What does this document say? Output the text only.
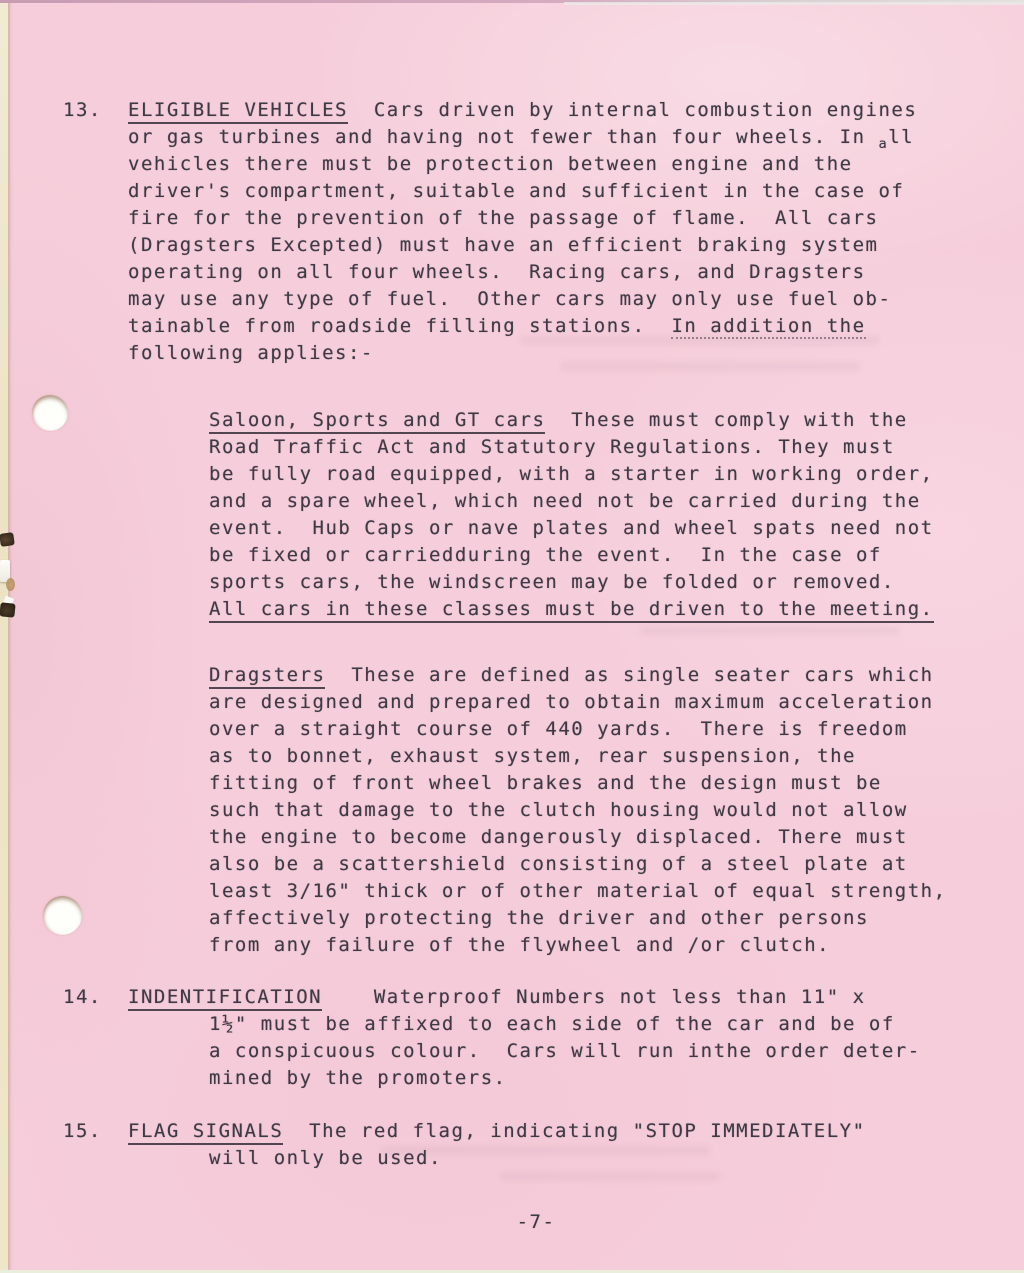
13. ELIGIBLE VEHICLES  Cars driven by internal combustion engines
or gas turbines and having not fewer than four wheels. In $_a$ll
vehicles there must be protection between engine and the
driver's compartment, suitable and sufficient in the case of
fire for the prevention of the passage of flame.  All cars
(Dragsters Excepted) must have an efficient braking system
operating on all four wheels.  Racing cars, and Dragsters
may use any type of fuel.  Other cars may only use fuel ob-
tainable from roadside filling stations.  In addition the
following applies:-
Saloon, Sports and GT cars  These must comply with the
Road Traffic Act and Statutory Regulations. They must
be fully road equipped, with a starter in working order,
and a spare wheel, which need not be carried during the
event.  Hub Caps or nave plates and wheel spats need not
be fixed or carriedduring the event.  In the case of
sports cars, the windscreen may be folded or removed.
All cars in these classes must be driven to the meeting.
Dragsters  These are defined as single seater cars which
are designed and prepared to obtain maximum acceleration
over a straight course of 440 yards.  There is freedom
as to bonnet, exhaust system, rear suspension, the
fitting of front wheel brakes and the design must be
such that damage to the clutch housing would not allow
the engine to become dangerously displaced. There must
also be a scattershield consisting of a steel plate at
least 3/16" thick or of other material of equal strength,
affectively protecting the driver and other persons
from any failure of the flywheel and /or clutch.
14. INDENTIFICATION    Waterproof Numbers not less than 11" x
1½" must be affixed to each side of the car and be of
a conspicuous colour.  Cars will run inthe order deter-
mined by the promoters.
15. FLAG SIGNALS  The red flag, indicating "STOP IMMEDIATELY"
will only be used.
-7-
